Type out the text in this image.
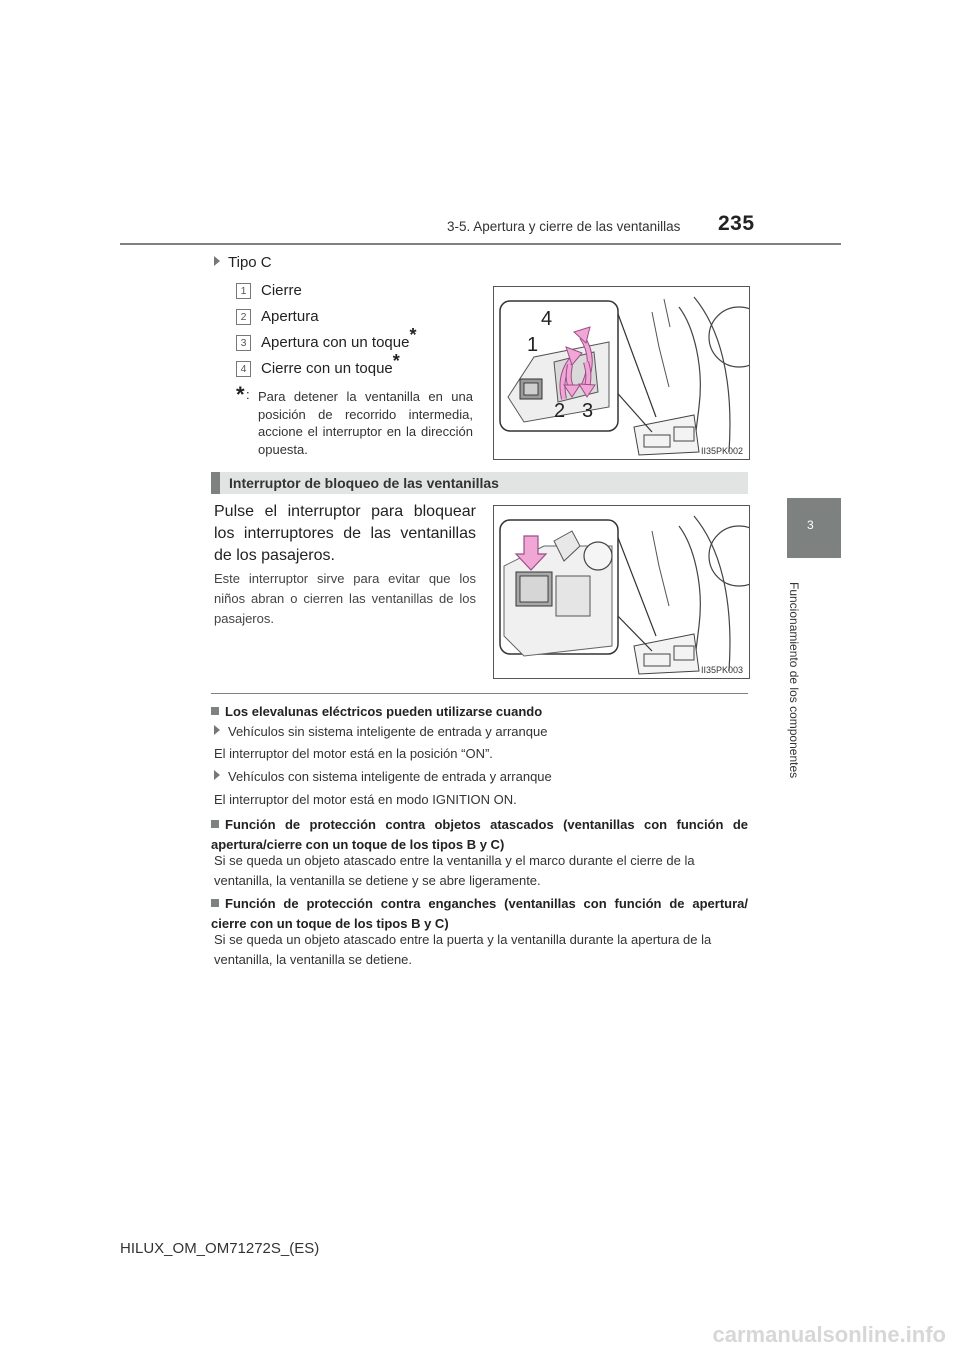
3-5. Apertura y cierre de las ventanillas 235
3
Funcionamiento de los componentes
Tipo C
1 Cierre
2 Apertura
3 Apertura con un toque*
4 Cierre con un toque*
* : Para detener la ventanilla en una posición de recorrido intermedia, accione el interruptor en la dirección opuesta.
4
1
2 3
II35PK002
Interruptor de bloqueo de las ventanillas
Pulse el interruptor para bloquear los interruptores de las ventanillas de los pasajeros.
Este interruptor sirve para evitar que los niños abran o cierren las ventanillas de los pasajeros.
II35PK003
Los elevalunas eléctricos pueden utilizarse cuando
Vehículos sin sistema inteligente de entrada y arranque
El interruptor del motor está en la posición “ON”.
Vehículos con sistema inteligente de entrada y arranque
El interruptor del motor está en modo IGNITION ON.
Función de protección contra objetos atascados (ventanillas con función de apertura/cierre con un toque de los tipos B y C)
Si se queda un objeto atascado entre la ventanilla y el marco durante el cierre de la ventanilla, la ventanilla se detiene y se abre ligeramente.
Función de protección contra enganches (ventanillas con función de apertura/ cierre con un toque de los tipos B y C)
Si se queda un objeto atascado entre la puerta y la ventanilla durante la apertura de la ventanilla, la ventanilla se detiene.
HILUX_OM_OM71272S_(ES)
carmanualsonline.info
